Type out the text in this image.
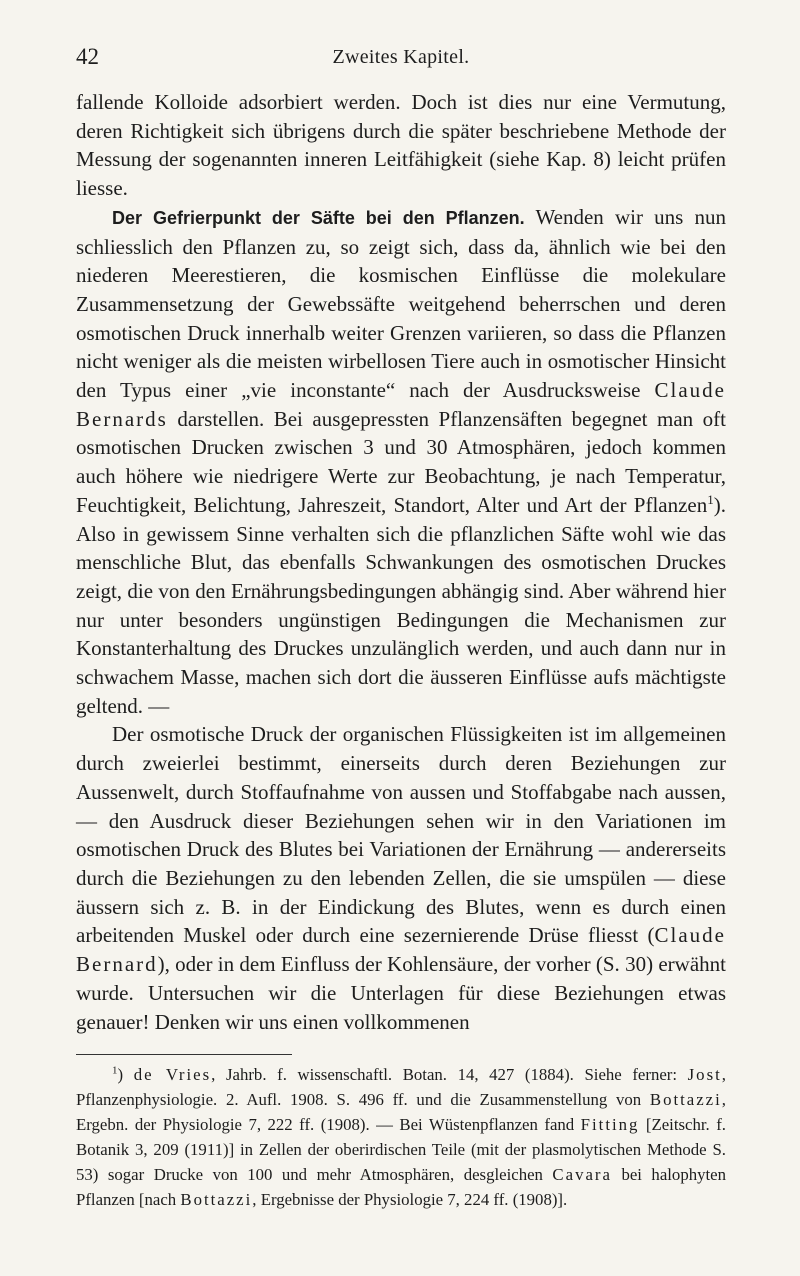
42	Zweites Kapitel.

fallende Kolloide adsorbiert werden. Doch ist dies nur eine Vermutung, deren Richtigkeit sich übrigens durch die später beschriebene Methode der Messung der sogenannten inneren Leitfähigkeit (siehe Kap. 8) leicht prüfen liesse.

Der Gefrierpunkt der Säfte bei den Pflanzen. Wenden wir uns nun schliesslich den Pflanzen zu, so zeigt sich, dass da, ähnlich wie bei den niederen Meerestieren, die kosmischen Einflüsse die molekulare Zusammensetzung der Gewebssäfte weitgehend beherrschen und deren osmotischen Druck innerhalb weiter Grenzen variieren, so dass die Pflanzen nicht weniger als die meisten wirbellosen Tiere auch in osmotischer Hinsicht den Typus einer „vie inconstante“ nach der Ausdrucksweise Claude Bernards darstellen. Bei ausgepressten Pflanzensäften begegnet man oft osmotischen Drucken zwischen 3 und 30 Atmosphären, jedoch kommen auch höhere wie niedrigere Werte zur Beobachtung, je nach Temperatur, Feuchtigkeit, Belichtung, Jahreszeit, Standort, Alter und Art der Pflanzen$^1$). Also in gewissem Sinne verhalten sich die pflanzlichen Säfte wohl wie das menschliche Blut, das ebenfalls Schwankungen des osmotischen Druckes zeigt, die von den Ernährungsbedingungen abhängig sind. Aber während hier nur unter besonders ungünstigen Bedingungen die Mechanismen zur Konstanterhaltung des Druckes unzulänglich werden, und auch dann nur in schwachem Masse, machen sich dort die äusseren Einflüsse aufs mächtigste geltend. —

Der osmotische Druck der organischen Flüssigkeiten ist im allgemeinen durch zweierlei bestimmt, einerseits durch deren Beziehungen zur Aussenwelt, durch Stoffaufnahme von aussen und Stoffabgabe nach aussen, — den Ausdruck dieser Beziehungen sehen wir in den Variationen im osmotischen Druck des Blutes bei Variationen der Ernährung — andererseits durch die Beziehungen zu den lebenden Zellen, die sie umspülen — diese äussern sich z. B. in der Eindickung des Blutes, wenn es durch einen arbeitenden Muskel oder durch eine sezernierende Drüse fliesst (Claude Bernard), oder in dem Einfluss der Kohlensäure, der vorher (S. 30) erwähnt wurde. Untersuchen wir die Unterlagen für diese Beziehungen etwas genauer! Denken wir uns einen vollkommenen

$^1$) de Vries, Jahrb. f. wissenschaftl. Botan. 14, 427 (1884). Siehe ferner: Jost, Pflanzenphysiologie. 2. Aufl. 1908. S. 496 ff. und die Zusammenstellung von Bottazzi, Ergebn. der Physiologie 7, 222 ff. (1908). — Bei Wüstenpflanzen fand Fitting [Zeitschr. f. Botanik 3, 209 (1911)] in Zellen der oberirdischen Teile (mit der plasmolytischen Methode S. 53) sogar Drucke von 100 und mehr Atmosphären, desgleichen Cavara bei halophyten Pflanzen [nach Bottazzi, Ergebnisse der Physiologie 7, 224 ff. (1908)].
